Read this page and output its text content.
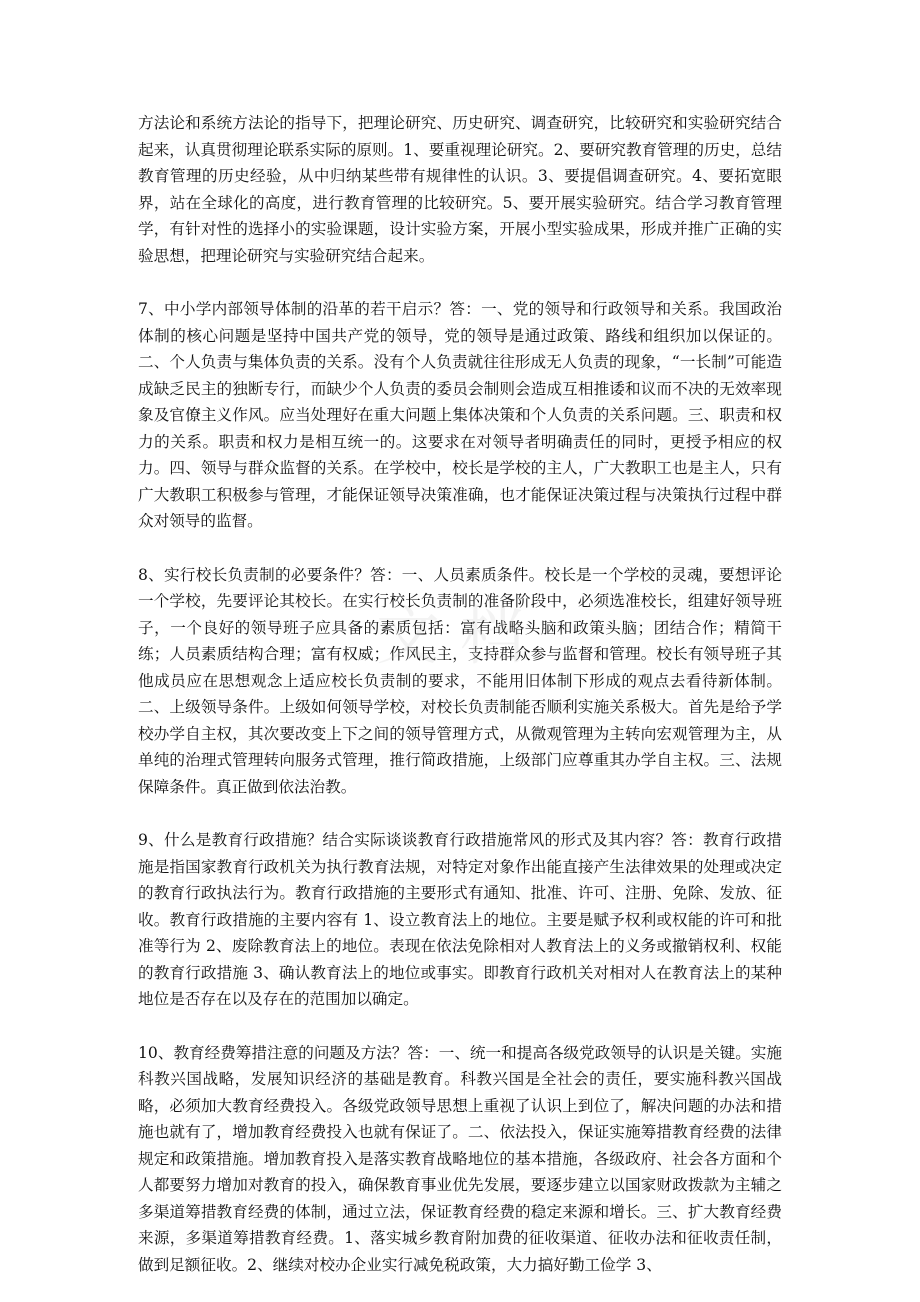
方法论和系统方法论的指导下，把理论研究、历史研究、调查研究，比较研究和实验研究结合起来，认真贯彻理论联系实际的原则。1、要重视理论研究。2、要研究教育管理的历史，总结教育管理的历史经验，从中归纳某些带有规律性的认识。3、要提倡调查研究。4、要拓宽眼界，站在全球化的高度，进行教育管理的比较研究。5、要开展实验研究。结合学习教育管理学，有针对性的选择小的实验课题，设计实验方案，开展小型实验成果，形成并推广正确的实验思想，把理论研究与实验研究结合起来。

7、中小学内部领导体制的沿革的若干启示？答：一、党的领导和行政领导和关系。我国政治体制的核心问题是坚持中国共产党的领导，党的领导是通过政策、路线和组织加以保证的。二、个人负责与集体负责的关系。没有个人负责就往往形成无人负责的现象，“一长制”可能造成缺乏民主的独断专行，而缺少个人负责的委员会制则会造成互相推诿和议而不决的无效率现象及官僚主义作风。应当处理好在重大问题上集体决策和个人负责的关系问题。三、职责和权力的关系。职责和权力是相互统一的。这要求在对领导者明确责任的同时，更授予相应的权力。四、领导与群众监督的关系。在学校中，校长是学校的主人，广大教职工也是主人，只有广大教职工积极参与管理，才能保证领导决策准确，也才能保证决策过程与决策执行过程中群众对领导的监督。

8、实行校长负责制的必要条件？答：一、人员素质条件。校长是一个学校的灵魂，要想评论一个学校，先要评论其校长。在实行校长负责制的准备阶段中，必须选准校长，组建好领导班子，一个良好的领导班子应具备的素质包括：富有战略头脑和政策头脑；团结合作；精简干练；人员素质结构合理；富有权威；作风民主，支持群众参与监督和管理。校长有领导班子其他成员应在思想观念上适应校长负责制的要求，不能用旧体制下形成的观点去看待新体制。二、上级领导条件。上级如何领导学校，对校长负责制能否顺利实施关系极大。首先是给予学校办学自主权，其次要改变上下之间的领导管理方式，从微观管理为主转向宏观管理为主，从单纯的治理式管理转向服务式管理，推行简政措施，上级部门应尊重其办学自主权。三、法规保障条件。真正做到依法治教。

9、什么是教育行政措施？结合实际谈谈教育行政措施常风的形式及其内容？答：教育行政措施是指国家教育行政机关为执行教育法规，对特定对象作出能直接产生法律效果的处理或决定的教育行政执法行为。教育行政措施的主要形式有通知、批准、许可、注册、免除、发放、征收。教育行政措施的主要内容有 1、设立教育法上的地位。主要是赋予权利或权能的许可和批准等行为 2、废除教育法上的地位。表现在依法免除相对人教育法上的义务或撤销权利、权能的教育行政措施 3、确认教育法上的地位或事实。即教育行政机关对相对人在教育法上的某种地位是否存在以及存在的范围加以确定。

10、教育经费筹措注意的问题及方法？答：一、统一和提高各级党政领导的认识是关键。实施科教兴国战略，发展知识经济的基础是教育。科教兴国是全社会的责任，要实施科教兴国战略，必须加大教育经费投入。各级党政领导思想上重视了认识上到位了，解决问题的办法和措施也就有了，增加教育经费投入也就有保证了。二、依法投入，保证实施筹措教育经费的法律规定和政策措施。增加教育投入是落实教育战略地位的基本措施，各级政府、社会各方面和个人都要努力增加对教育的投入，确保教育事业优先发展，要逐步建立以国家财政拨款为主辅之多渠道筹措教育经费的体制，通过立法，保证教育经费的稳定来源和增长。三、扩大教育经费来源，多渠道筹措教育经费。1、落实城乡教育附加费的征收渠道、征收办法和征收责任制，做到足额征收。2、继续对校办企业实行减免税政策，大力搞好勤工俭学 3、

文档
